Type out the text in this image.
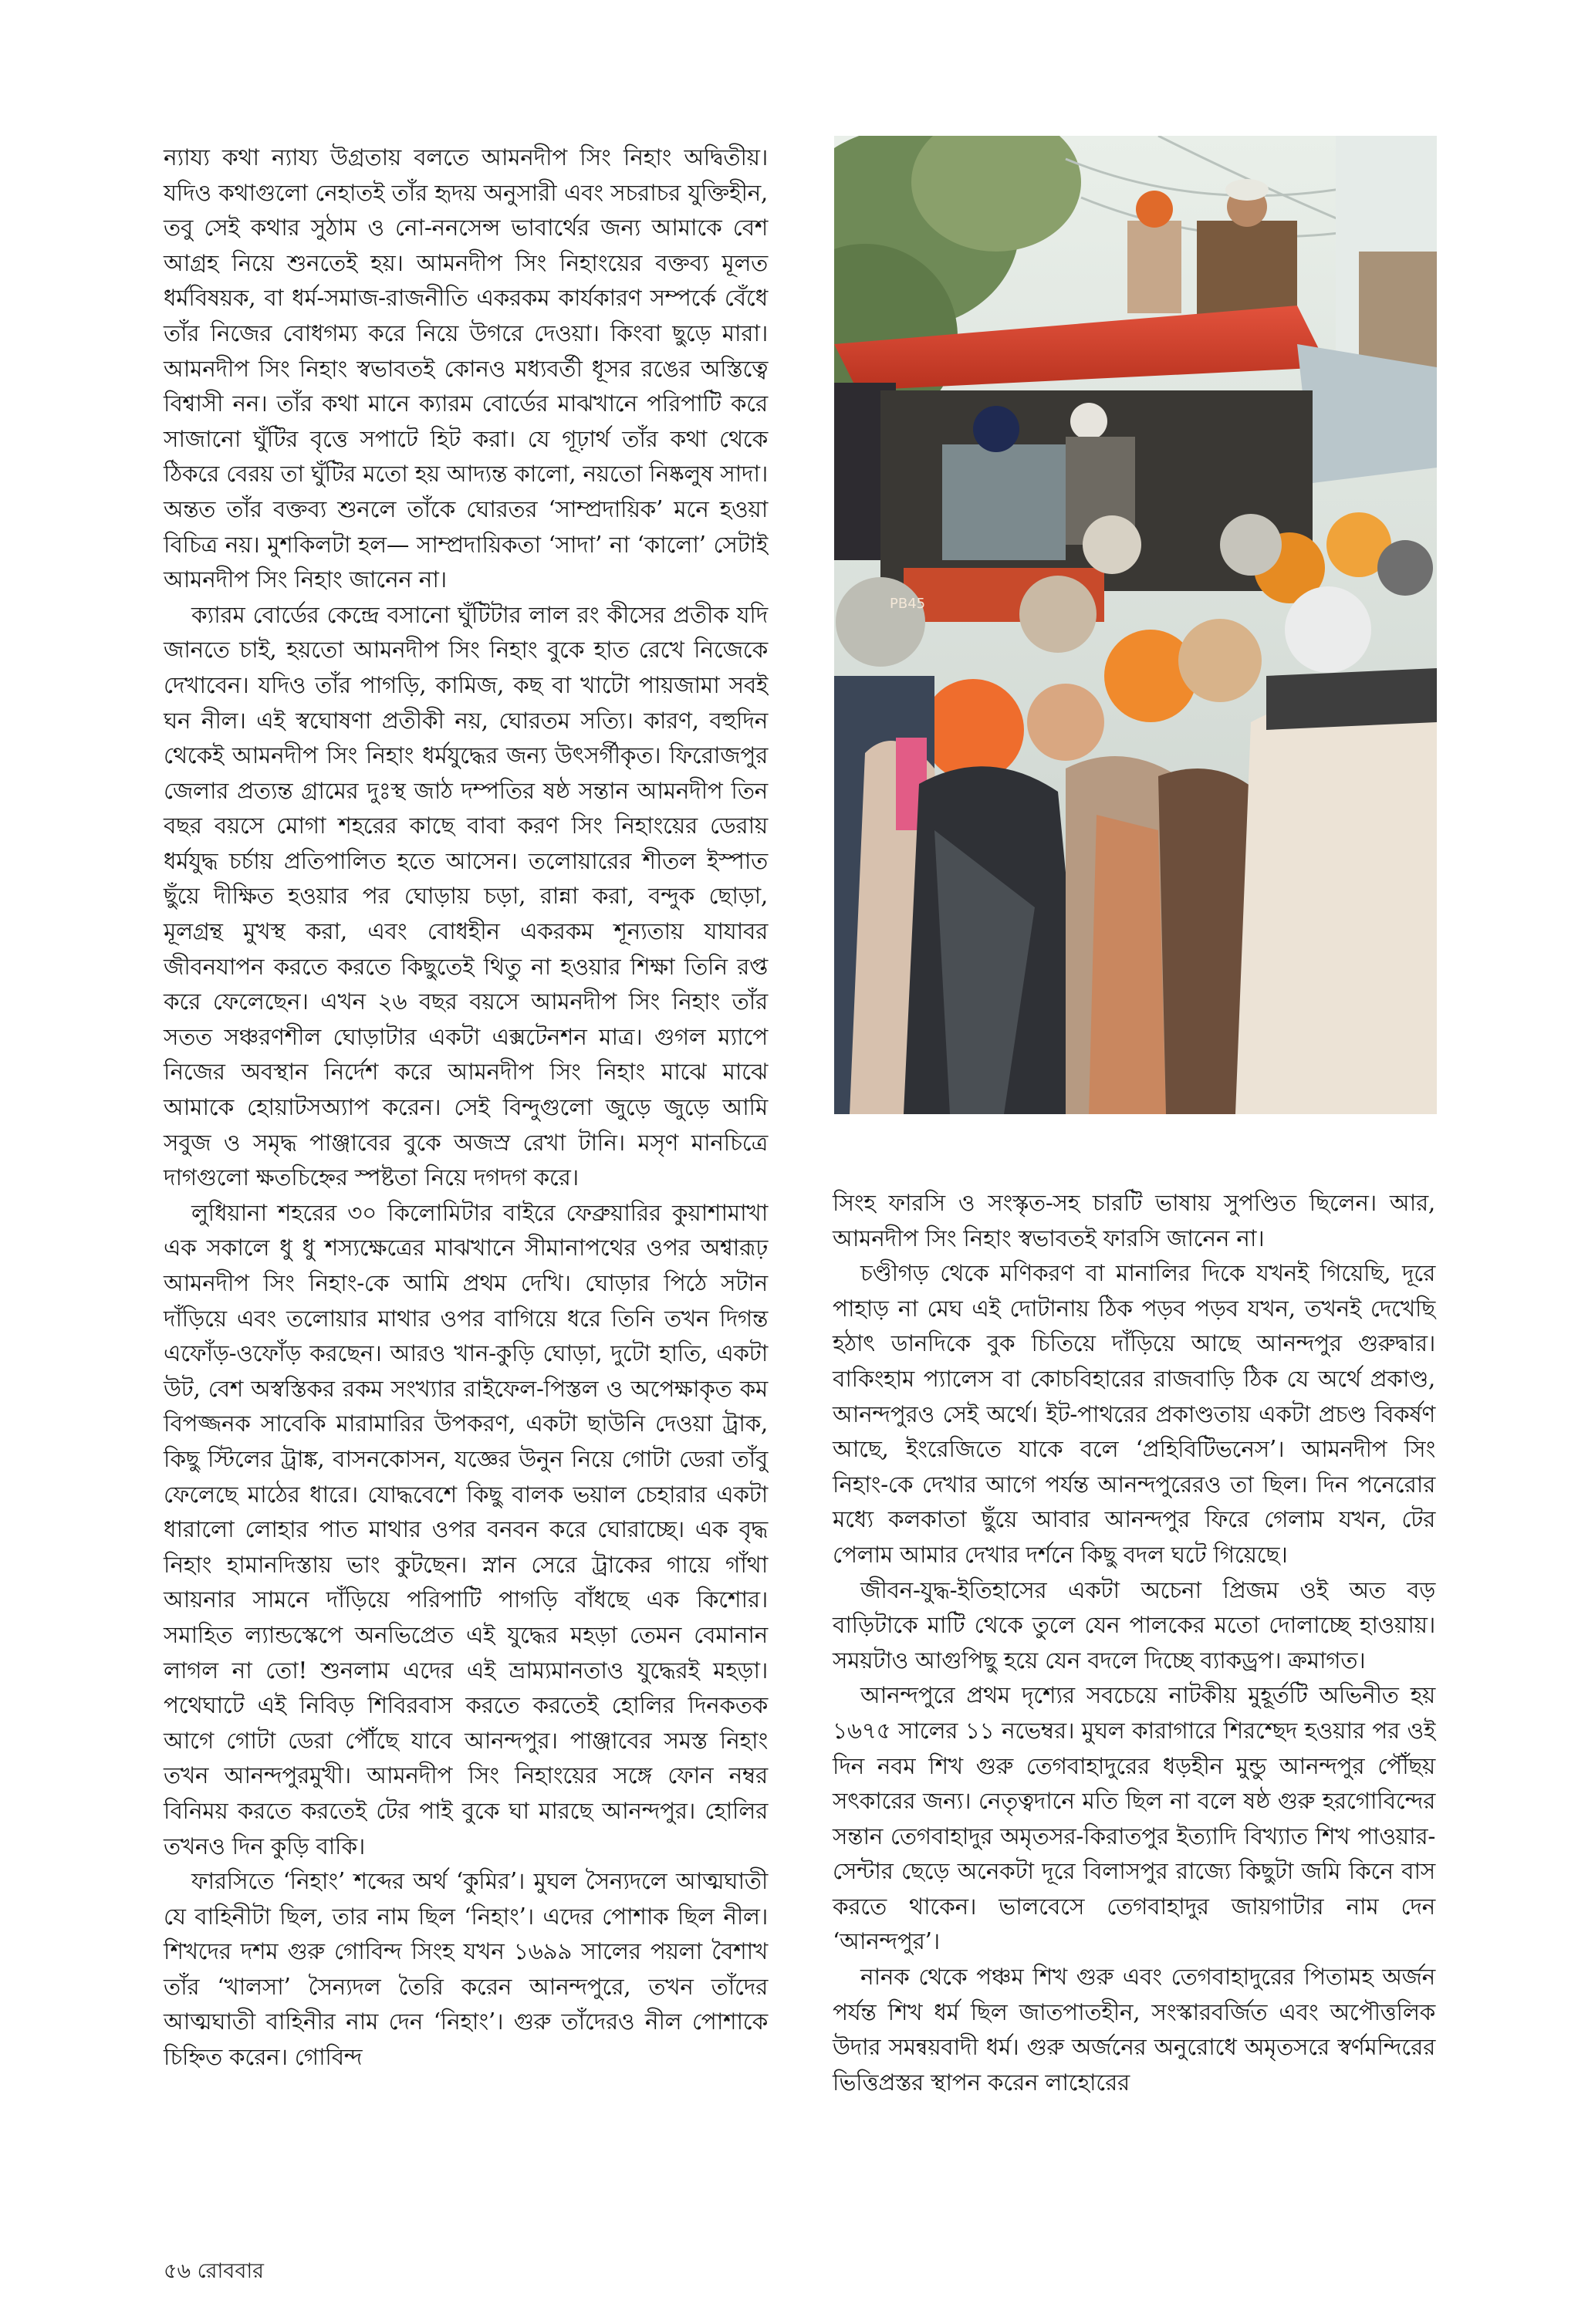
ন্যায্য কথা ন্যায্য উগ্রতায় বলতে আমনদীপ সিং নিহাং অদ্বিতীয়। যদিও কথাগুলো নেহাতই তাঁর হৃদয় অনুসারী এবং সচরাচর যুক্তিহীন, তবু সেই কথার সুঠাম ও নো-ননসেন্স ভাবার্থের জন্য আমাকে বেশ আগ্রহ নিয়ে শুনতেই হয়। আমনদীপ সিং নিহাংয়ের বক্তব্য মূলত ধর্মবিষয়ক, বা ধর্ম-সমাজ-রাজনীতি একরকম কার্যকারণ সম্পর্কে বেঁধে তাঁর নিজের বোধগম্য করে নিয়ে উগরে দেওয়া। কিংবা ছুড়ে মারা। আমনদীপ সিং নিহাং স্বভাবতই কোনও মধ্যবর্তী ধূসর রঙের অস্তিত্বে বিশ্বাসী নন। তাঁর কথা মানে ক্যারম বোর্ডের মাঝখানে পরিপাটি করে সাজানো ঘুঁটির বৃত্তে সপাটে হিট করা। যে গূঢ়ার্থ তাঁর কথা থেকে ঠিকরে বেরয় তা ঘুঁটির মতো হয় আদ্যন্ত কালো, নয়তো নিষ্কলুষ সাদা। অন্তত তাঁর বক্তব্য শুনলে তাঁকে ঘোরতর ‘সাম্প্রদায়িক’ মনে হওয়া বিচিত্র নয়। মুশকিলটা হল— সাম্প্রদায়িকতা ‘সাদা’ না ‘কালো’ সেটাই আমনদীপ সিং নিহাং জানেন না।

ক্যারম বোর্ডের কেন্দ্রে বসানো ঘুঁটিটার লাল রং কীসের প্রতীক যদি জানতে চাই, হয়তো আমনদীপ সিং নিহাং বুকে হাত রেখে নিজেকে দেখাবেন। যদিও তাঁর পাগড়ি, কামিজ, কছ বা খাটো পায়জামা সবই ঘন নীল। এই স্বঘোষণা প্রতীকী নয়, ঘোরতম সত্যি। কারণ, বহুদিন থেকেই আমনদীপ সিং নিহাং ধর্মযুদ্ধের জন্য উৎসর্গীকৃত। ফিরোজপুর জেলার প্রত্যন্ত গ্রামের দুঃস্থ জাঠ দম্পতির ষষ্ঠ সন্তান আমনদীপ তিন বছর বয়সে মোগা শহরের কাছে বাবা করণ সিং নিহাংয়ের ডেরায় ধর্মযুদ্ধ চর্চায় প্রতিপালিত হতে আসেন। তলোয়ারের শীতল ইস্পাত ছুঁয়ে দীক্ষিত হওয়ার পর ঘোড়ায় চড়া, রান্না করা, বন্দুক ছোড়া, মূলগ্রন্থ মুখস্থ করা, এবং বোধহীন একরকম শূন্যতায় যাযাবর জীবনযাপন করতে করতে কিছুতেই থিতু না হওয়ার শিক্ষা তিনি রপ্ত করে ফেলেছেন। এখন ২৬ বছর বয়সে আমনদীপ সিং নিহাং তাঁর সতত সঞ্চরণশীল ঘোড়াটার একটা এক্সটেনশন মাত্র। গুগল ম্যাপে নিজের অবস্থান নির্দেশ করে আমনদীপ সিং নিহাং মাঝে মাঝে আমাকে হোয়াটসঅ্যাপ করেন। সেই বিন্দুগুলো জুড়ে জুড়ে আমি সবুজ ও সমৃদ্ধ পাঞ্জাবের বুকে অজস্র রেখা টানি। মসৃণ মানচিত্রে দাগগুলো ক্ষতচিহ্নের স্পষ্টতা নিয়ে দগদগ করে।

লুধিয়ানা শহরের ৩০ কিলোমিটার বাইরে ফেব্রুয়ারির কুয়াশামাখা এক সকালে ধু ধু শস্যক্ষেত্রের মাঝখানে সীমানাপথের ওপর অশ্বারূঢ় আমনদীপ সিং নিহাং-কে আমি প্রথম দেখি। ঘোড়ার পিঠে সটান দাঁড়িয়ে এবং তলোয়ার মাথার ওপর বাগিয়ে ধরে তিনি তখন দিগন্ত এফোঁড়-ওফোঁড় করছেন। আরও খান-কুড়ি ঘোড়া, দুটো হাতি, একটা উট, বেশ অস্বস্তিকর রকম সংখ্যার রাইফেল-পিস্তল ও অপেক্ষাকৃত কম বিপজ্জনক সাবেকি মারামারির উপকরণ, একটা ছাউনি দেওয়া ট্রাক, কিছু স্টিলের ট্রাঙ্ক, বাসনকোসন, যজ্ঞের উনুন নিয়ে গোটা ডেরা তাঁবু ফেলেছে মাঠের ধারে। যোদ্ধবেশে কিছু বালক ভয়াল চেহারার একটা ধারালো লোহার পাত মাথার ওপর বনবন করে ঘোরাচ্ছে। এক বৃদ্ধ নিহাং হামানদিস্তায় ভাং কুটছেন। স্নান সেরে ট্রাকের গায়ে গাঁথা আয়নার সামনে দাঁড়িয়ে পরিপাটি পাগড়ি বাঁধছে এক কিশোর। সমাহিত ল্যান্ডস্কেপে অনভিপ্রেত এই যুদ্ধের মহড়া তেমন বেমানান লাগল না তো! শুনলাম এদের এই ভ্রাম্যমানতাও যুদ্ধেরই মহড়া। পথেঘাটে এই নিবিড় শিবিরবাস করতে করতেই হোলির দিনকতক আগে গোটা ডেরা পৌঁছে যাবে আনন্দপুর। পাঞ্জাবের সমস্ত নিহাং তখন আনন্দপুরমুখী। আমনদীপ সিং নিহাংয়ের সঙ্গে ফোন নম্বর বিনিময় করতে করতেই টের পাই বুকে ঘা মারছে আনন্দপুর। হোলির তখনও দিন কুড়ি বাকি।

ফারসিতে ‘নিহাং’ শব্দের অর্থ ‘কুমির’। মুঘল সৈন্যদলে আত্মঘাতী যে বাহিনীটা ছিল, তার নাম ছিল ‘নিহাং’। এদের পোশাক ছিল নীল। শিখদের দশম গুরু গোবিন্দ সিংহ যখন ১৬৯৯ সালের পয়লা বৈশাখ তাঁর ‘খালসা’ সৈন্যদল তৈরি করেন আনন্দপুরে, তখন তাঁদের আত্মঘাতী বাহিনীর নাম দেন ‘নিহাং’। গুরু তাঁদেরও নীল পোশাকে চিহ্নিত করেন। গোবিন্দ

PB45

সিংহ ফারসি ও সংস্কৃত-সহ চারটি ভাষায় সুপণ্ডিত ছিলেন। আর, আমনদীপ সিং নিহাং স্বভাবতই ফারসি জানেন না।

চণ্ডীগড় থেকে মণিকরণ বা মানালির দিকে যখনই গিয়েছি, দূরে পাহাড় না মেঘ এই দোটানায় ঠিক পড়ব পড়ব যখন, তখনই দেখেছি হঠাৎ ডানদিকে বুক চিতিয়ে দাঁড়িয়ে আছে আনন্দপুর গুরুদ্বার। বাকিংহাম প্যালেস বা কোচবিহারের রাজবাড়ি ঠিক যে অর্থে প্রকাণ্ড, আনন্দপুরও সেই অর্থে। ইট-পাথরের প্রকাণ্ডতায় একটা প্রচণ্ড বিকর্ষণ আছে, ইংরেজিতে যাকে বলে ‘প্রহিবিটিভনেস’। আমনদীপ সিং নিহাং-কে দেখার আগে পর্যন্ত আনন্দপুরেরও তা ছিল। দিন পনেরোর মধ্যে কলকাতা ছুঁয়ে আবার আনন্দপুর ফিরে গেলাম যখন, টের পেলাম আমার দেখার দর্শনে কিছু বদল ঘটে গিয়েছে।

জীবন-যুদ্ধ-ইতিহাসের একটা অচেনা প্রিজম ওই অত বড় বাড়িটাকে মাটি থেকে তুলে যেন পালকের মতো দোলাচ্ছে হাওয়ায়। সময়টাও আগুপিছু হয়ে যেন বদলে দিচ্ছে ব্যাকড্রপ। ক্রমাগত।

আনন্দপুরে প্রথম দৃশ্যের সবচেয়ে নাটকীয় মুহূর্তটি অভিনীত হয় ১৬৭৫ সালের ১১ নভেম্বর। মুঘল কারাগারে শিরশ্ছেদ হওয়ার পর ওই দিন নবম শিখ গুরু তেগবাহাদুরের ধড়হীন মুন্ডু আনন্দপুর পৌঁছয় সৎকারের জন্য। নেতৃত্বদানে মতি ছিল না বলে ষষ্ঠ গুরু হরগোবিন্দের সন্তান তেগবাহাদুর অমৃতসর-কিরাতপুর ইত্যাদি বিখ্যাত শিখ পাওয়ার-সেন্টার ছেড়ে অনেকটা দূরে বিলাসপুর রাজ্যে কিছুটা জমি কিনে বাস করতে থাকেন। ভালবেসে তেগবাহাদুর জায়গাটার নাম দেন ‘আনন্দপুর’।

নানক থেকে পঞ্চম শিখ গুরু এবং তেগবাহাদুরের পিতামহ অর্জন পর্যন্ত শিখ ধর্ম ছিল জাতপাতহীন, সংস্কারবর্জিত এবং অপৌত্তলিক উদার সমন্বয়বাদী ধর্ম। গুরু অর্জনের অনুরোধে অমৃতসরে স্বর্ণমন্দিরের ভিত্তিপ্রস্তর স্থাপন করেন লাহোরের

৫৬ রোববার
